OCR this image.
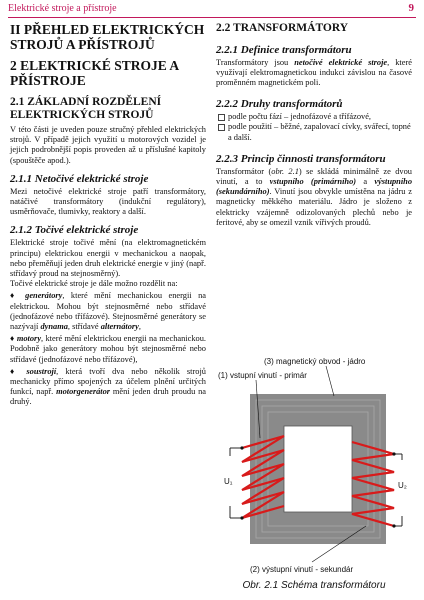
Elektrické stroje a přístroje	9
II PŘEHLED ELEKTRICKÝCH STROJŮ A PŘÍSTROJŮ
2 ELEKTRICKÉ STROJE A PŘÍSTROJE
2.1 ZÁKLADNÍ ROZDĚLENÍ ELEKTRICKÝCH STROJŮ

V této části je uveden pouze stručný přehled elektrických strojů. V případě jejich využití u motorových vozidel je jejich podrobnější popis proveden až u příslušné kapitoly (spouštěče apod.).

2.1.1 Netočivé elektrické stroje

Mezi netočivé elektrické stroje patří transformátory, natáčivé transformátory (indukční regulátory), usměrňovače, tlumivky, reaktory a další.

2.1.2 Točivé elektrické stroje

Elektrické stroje točivé mění (na elektromagnetickém principu) elektrickou energii v mechanickou a naopak, nebo přeměňují jeden druh elektrické energie v jiný (např. střídavý proud na stejnosměrný).

Točivé elektrické stroje je dále možno rozdělit na:

♦ generátory, které mění mechanickou energii na elektrickou. Mohou být stejnosměrné nebo střídavé (jednofázové nebo třífázové). Stejnosměrné generátory se nazývají dynama, střídavé alternátory,

♦ motory, které mění elektrickou energii na mechanickou. Podobně jako generátory mohou být stejnosměrné nebo střídavé (jednofázové nebo třífázové),

♦ soustrojí, která tvoří dva nebo několik strojů mechanicky přímo spojených za účelem plnění určitých funkcí, např. motorgenerátor mění jeden druh proudu na druhý.

2.2 TRANSFORMÁTORY
2.2.1 Definice transformátoru

Transformátory jsou netočivé elektrické stroje, které využívají elektromagnetickou indukci závislou na časové proměnném magnetickém poli.

2.2.2 Druhy transformátorů
podle počtu fází – jednofázové a třífázové,
podle použití – běžné, zapalovací cívky, svářecí, topné a další.
2.2.3 Princip činnosti transformátoru

Transformátor (obr. 2.1) se skládá minimálně ze dvou vinutí, a to vstupního (primárního) a výstupního (sekundárního). Vinutí jsou obvykle umístěna na jádru z magneticky měkkého materiálu. Jádro je složeno z elektricky vzájemně odizolovaných plechů nebo je feritové, aby se omezil vznik vířivých proudů.

(3) magnetický obvod - jádro
(1) vstupní vinutí - primár
(2) výstupní vinutí - sekundár
U₁	U₂
Obr. 2.1 Schéma transformátoru
